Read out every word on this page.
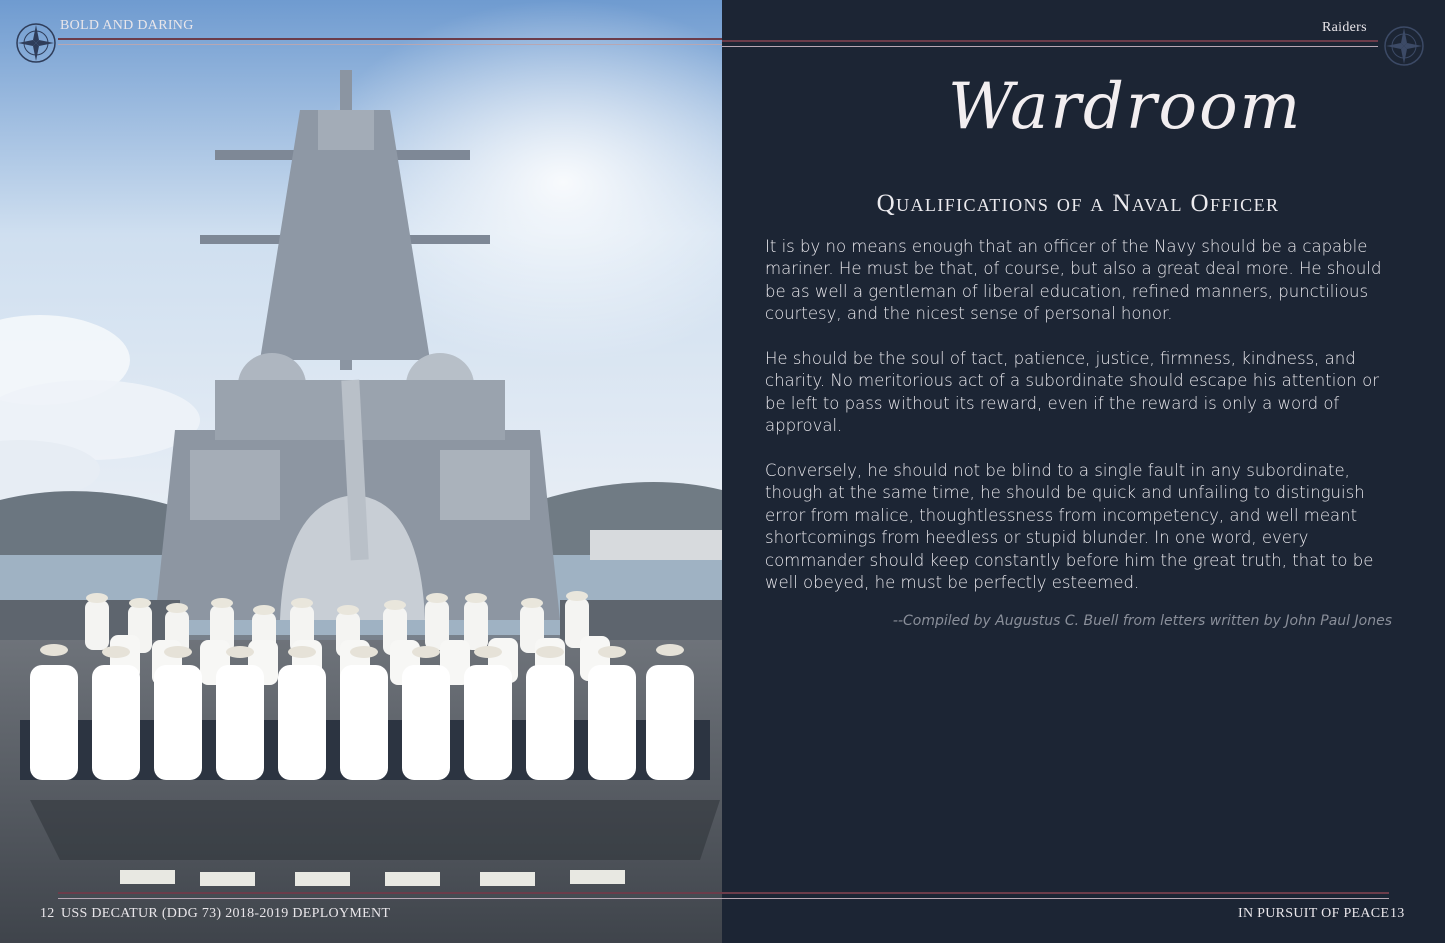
BOLD AND DARING
12 USS DECATUR (DDG 73) 2018-2019 DEPLOYMENT
Raiders
Wardroom
Qualifications of a Naval Officer

It is by no means enough that an officer of the Navy should be a capable mariner. He must be that, of course, but also a great deal more. He should be as well a gentleman of liberal education, refined manners, punctilious courtesy, and the nicest sense of personal honor.

He should be the soul of tact, patience, justice, firmness, kindness, and charity. No meritorious act of a subordinate should escape his attention or be left to pass without its reward, even if the reward is only a word of approval.

Conversely, he should not be blind to a single fault in any subordinate, though at the same time, he should be quick and unfailing to distinguish error from malice, thoughtlessness from incompetency, and well meant shortcomings from heedless or stupid blunder. In one word, every commander should keep constantly before him the great truth, that to be well obeyed, he must be perfectly esteemed.

--Compiled by Augustus C. Buell from letters written by John Paul Jones
IN PURSUIT OF PEACE 13
